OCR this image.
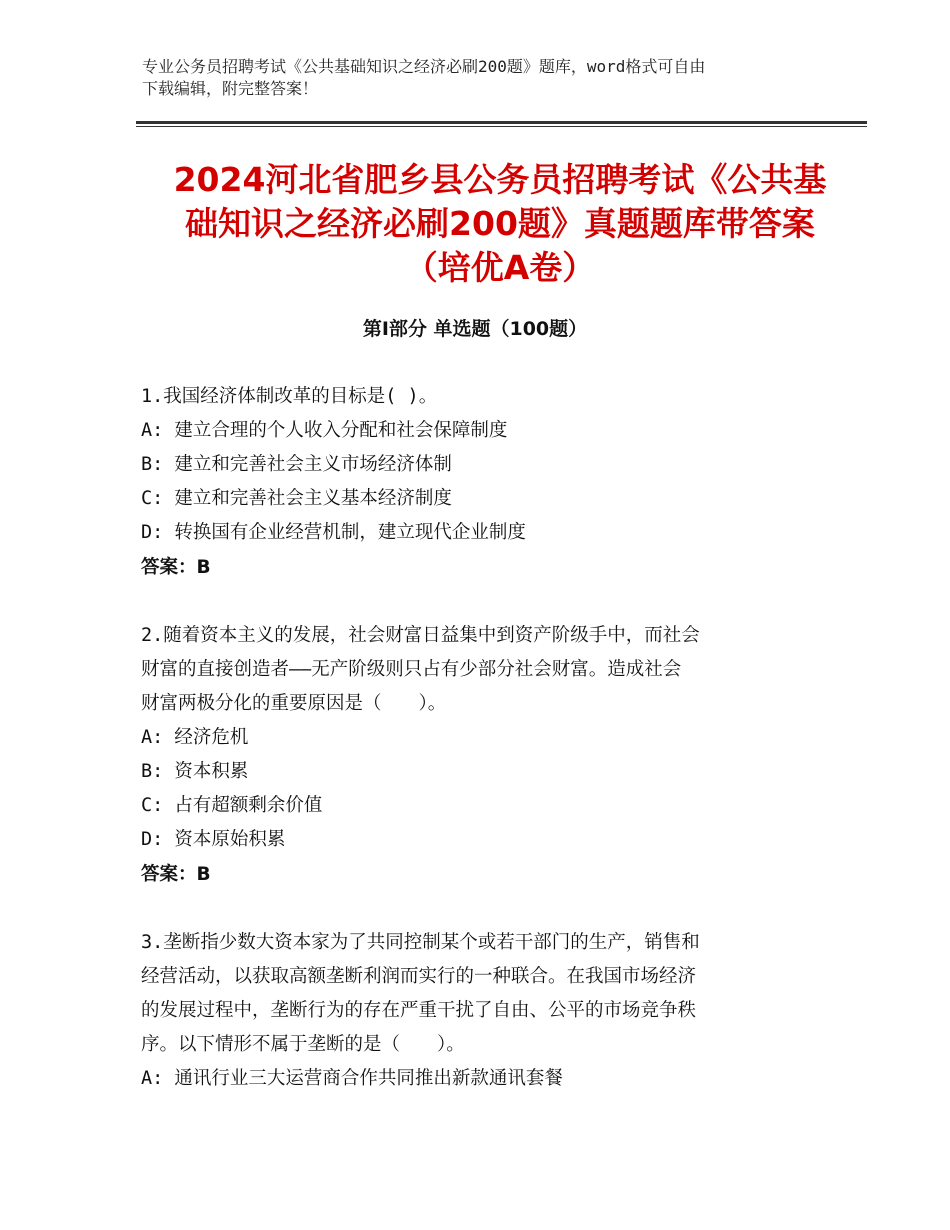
专业公务员招聘考试《公共基础知识之经济必刷200题》题库，word格式可自由
下载编辑，附完整答案！
2024河北省肥乡县公务员招聘考试《公共基
础知识之经济必刷200题》真题题库带答案
（培优A卷）
第Ⅰ部分 单选题（100题）
1.我国经济体制改革的目标是( )。
A: 建立合理的个人收入分配和社会保障制度
B: 建立和完善社会主义市场经济体制
C: 建立和完善社会主义基本经济制度
D: 转换国有企业经营机制，建立现代企业制度
答案：B
2.随着资本主义的发展，社会财富日益集中到资产阶级手中，而社会
财富的直接创造者——无产阶级则只占有少部分社会财富。造成社会
财富两极分化的重要原因是（　　）。
A: 经济危机
B: 资本积累
C: 占有超额剩余价值
D: 资本原始积累
答案：B
3.垄断指少数大资本家为了共同控制某个或若干部门的生产，销售和
经营活动，以获取高额垄断利润而实行的一种联合。在我国市场经济
的发展过程中，垄断行为的存在严重干扰了自由、公平的市场竞争秩
序。以下情形不属于垄断的是（　　）。
A: 通讯行业三大运营商合作共同推出新款通讯套餐
